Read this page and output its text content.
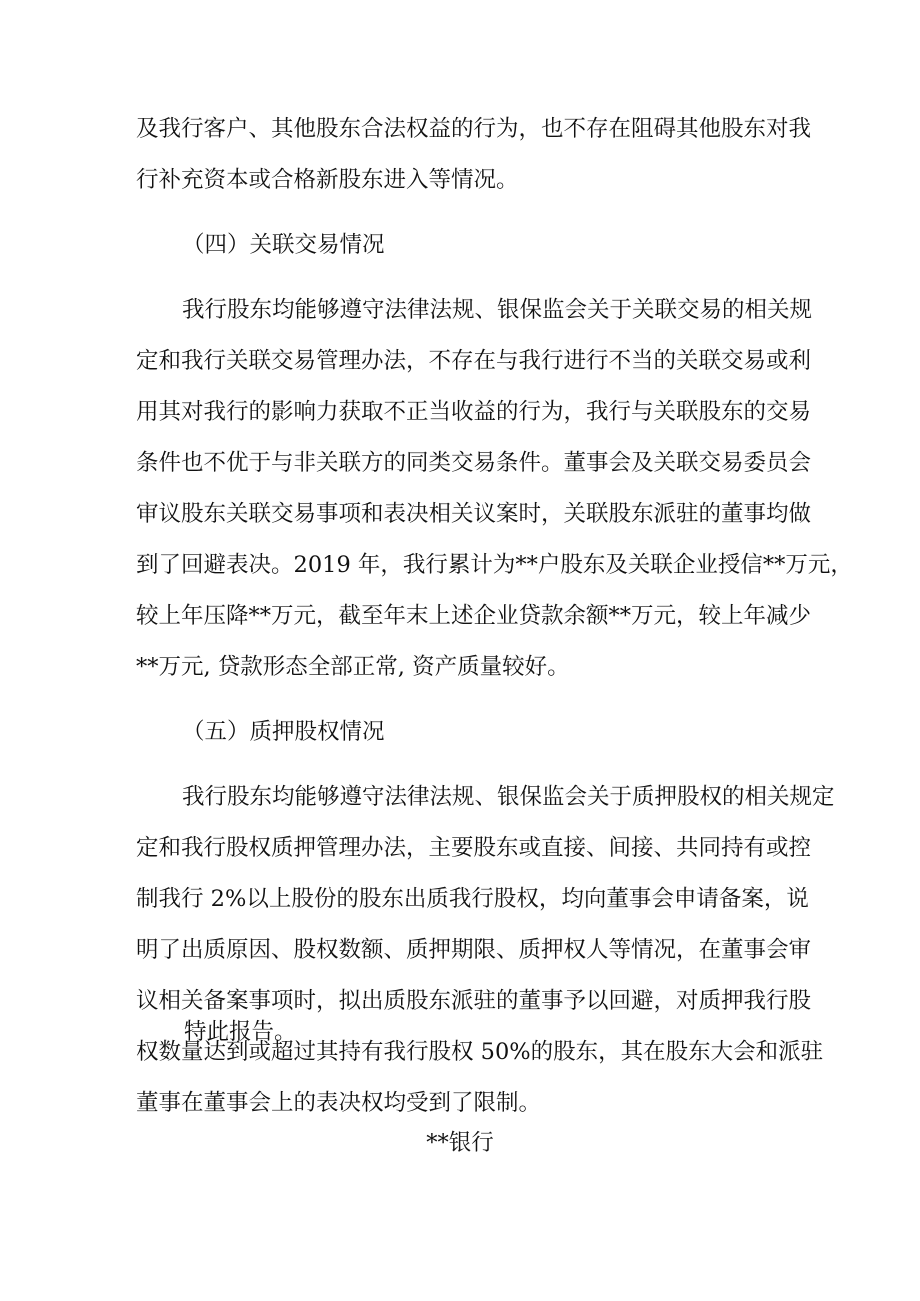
及我行客户、其他股东合法权益的行为，也不存在阻碍其他股东对我
行补充资本或合格新股东进入等情况。
（四）关联交易情况
我行股东均能够遵守法律法规、银保监会关于关联交易的相关规
定和我行关联交易管理办法，不存在与我行进行不当的关联交易或利
用其对我行的影响力获取不正当收益的行为，我行与关联股东的交易
条件也不优于与非关联方的同类交易条件。董事会及关联交易委员会
审议股东关联交易事项和表决相关议案时，关联股东派驻的董事均做
到了回避表决。2019 年，我行累计为**户股东及关联企业授信**万元，
较上年压降**万元，截至年末上述企业贷款余额**万元，较上年减少
**万元, 贷款形态全部正常, 资产质量较好。
（五）质押股权情况
我行股东均能够遵守法律法规、银保监会关于质押股权的相关规定
定和我行股权质押管理办法，主要股东或直接、间接、共同持有或控
制我行 2%以上股份的股东出质我行股权，均向董事会申请备案，说
明了出质原因、股权数额、质押期限、质押权人等情况，在董事会审
议相关备案事项时，拟出质股东派驻的董事予以回避，对质押我行股
权数量达到或超过其持有我行股权 50%的股东，其在股东大会和派驻
董事在董事会上的表决权均受到了限制。
特此报告。
**银行
